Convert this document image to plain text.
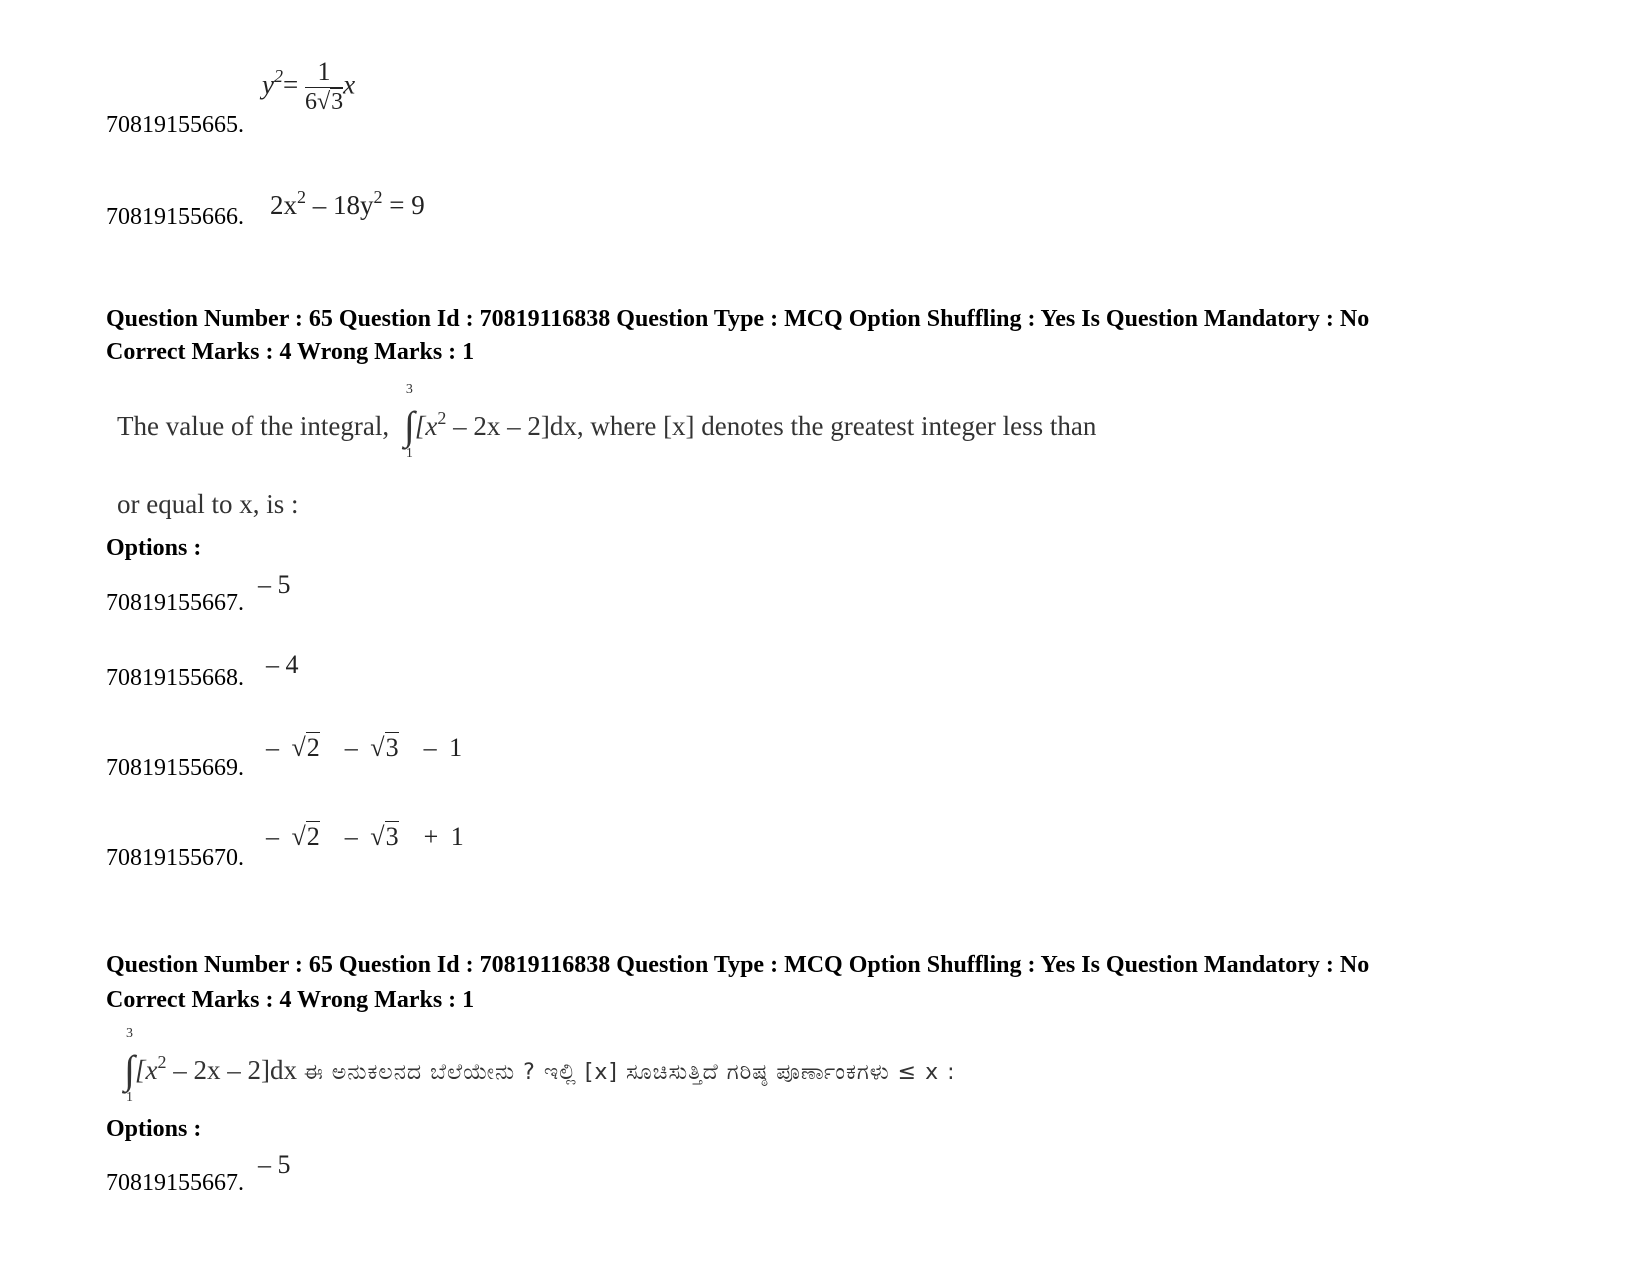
70819155665.
$y^2= \frac{1}{6√3}$ x
70819155666. $2x^2 - 18y^2 = 9$
Question Number : 65 Question Id : 70819116838 Question Type : MCQ Option Shuffling : Yes Is Question Mandatory : No
Correct Marks : 4 Wrong Marks : 1
The value of the integral,
3
∫
1
$[x^2 - 2x - 2]dx$, where [x] denotes the greatest integer less than
or equal to x, is :
Options :
70819155667.
– 5
70819155668. – 4
70819155669.
– √2 – √3 – 1
70819155670.
– √2 – √3 + 1
Question Number : 65 Question Id : 70819116838 Question Type : MCQ Option Shuffling : Yes Is Question Mandatory : No
Correct Marks : 4 Wrong Marks : 1
3
∫
1
$[x^2 - 2x - 2]dx$ ಈ ಅನುಕಲನದ ಬೆಲೆಯೇನು ? ಇಲ್ಲಿ [x] ಸೂಚಿಸುತ್ತಿದೆ ಗರಿಷ್ಠ ಪೂರ್ಣಾಂಕಗಳು ≤ x :
Options :
70819155667.
– 5
